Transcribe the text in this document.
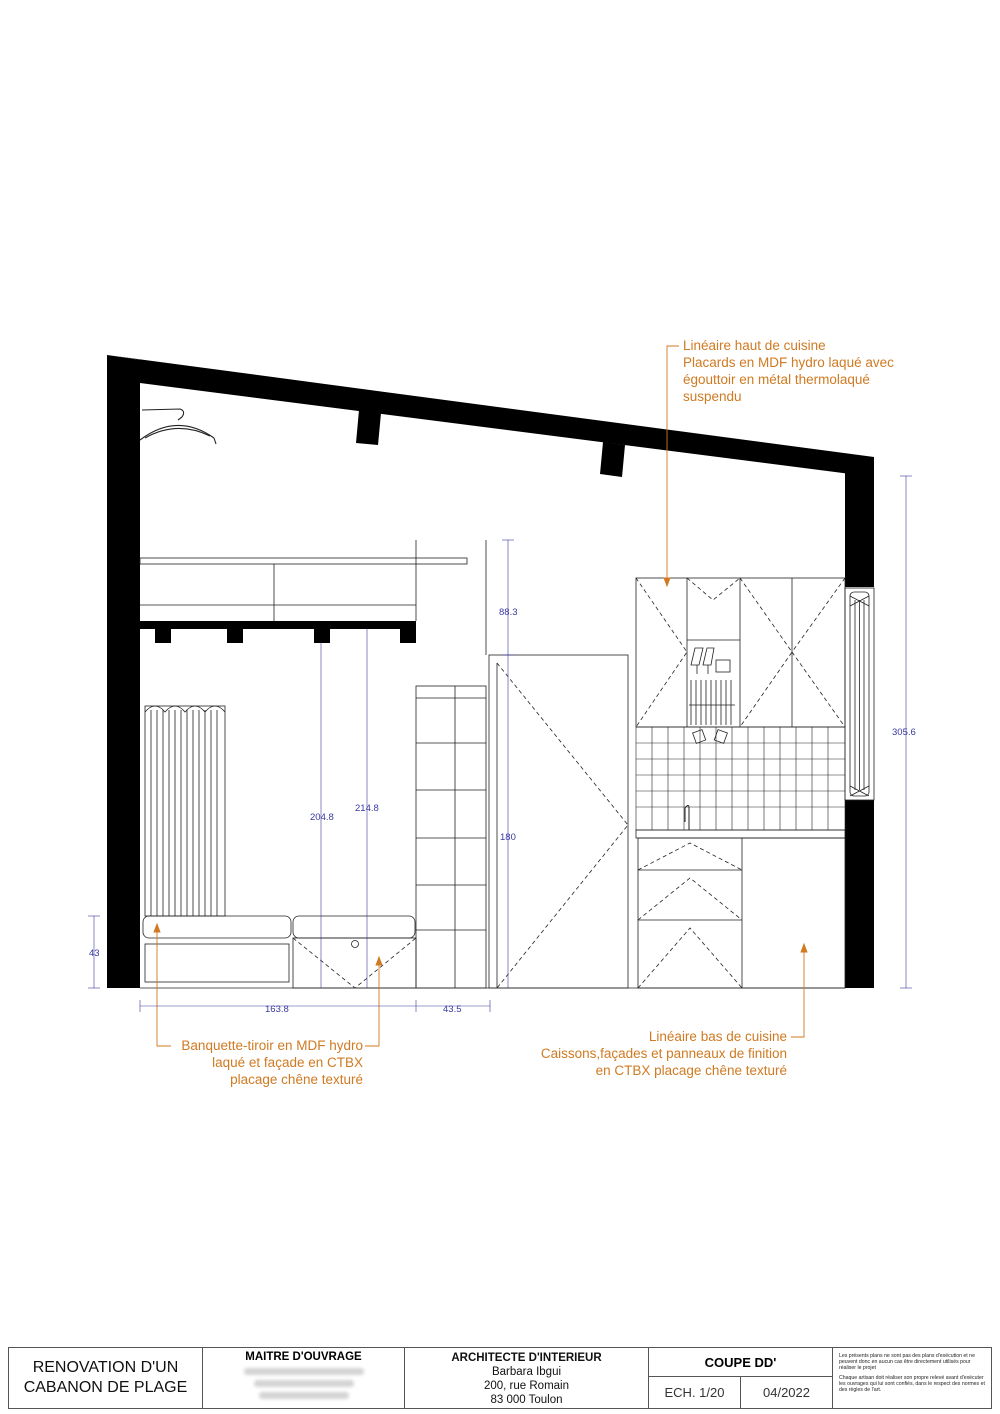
305.6
43
88.3
204.8
214.8
180
163.8	43.5
Linéaire haut de cuisine
Placards en MDF hydro laqué avec
égouttoir en métal thermolaqué
suspendu
Banquette-tiroir en MDF hydro
laqué et façade en CTBX
placage chêne texturé
Linéaire bas de cuisine
Caissons,façades et panneaux de finition
en CTBX placage chêne texturé
RENOVATION D'UN
CABANON DE PLAGE
MAITRE D'OUVRAGE	ARCHITECTE D'INTERIEUR
Barbara Ibgui
200, rue Romain
83 000 Toulon
COUPE DD'
ECH. 1/20	04/2022

Les présents plans ne sont pas des plans d'exécution et ne peuvent donc en aucun cas être directement utilisés pour réaliser le projet

Chaque artisan doit réaliser son propre relevé avant d'exécuter les ouvrages qui lui sont confiés, dans le respect des normes et des règles de l'art.
